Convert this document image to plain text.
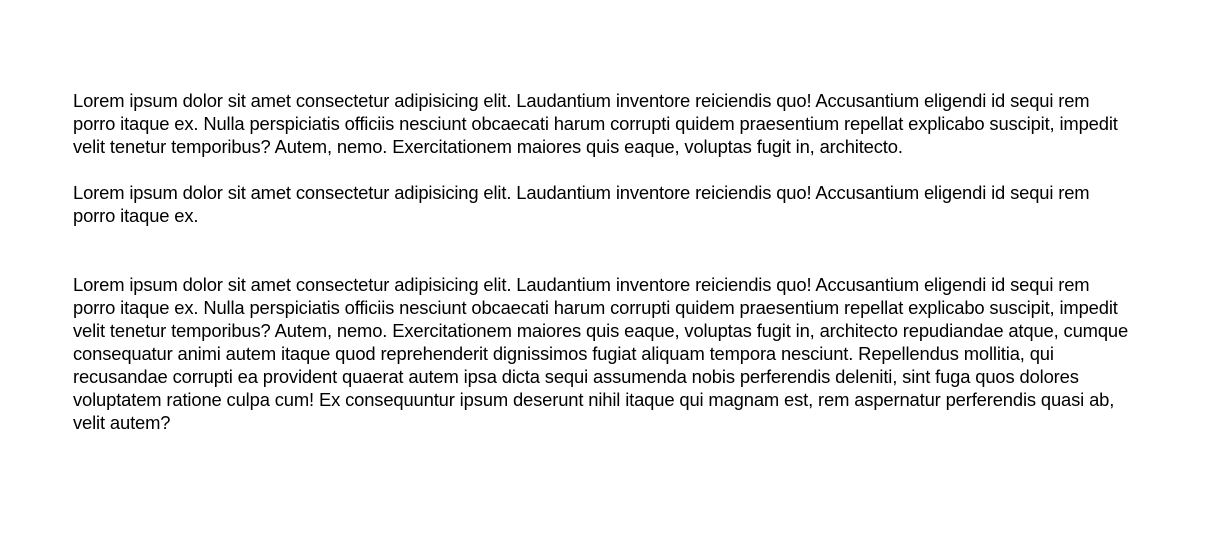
Lorem ipsum dolor sit amet consectetur adipisicing elit. Laudantium inventore reiciendis quo! Accusantium eligendi id sequi rem porro itaque ex. Nulla perspiciatis officiis nesciunt obcaecati harum corrupti quidem praesentium repellat explicabo suscipit, impedit velit tenetur temporibus? Autem, nemo. Exercitationem maiores quis eaque, voluptas fugit in, architecto.

Lorem ipsum dolor sit amet consectetur adipisicing elit. Laudantium inventore reiciendis quo! Accusantium eligendi id sequi rem porro itaque ex.

Lorem ipsum dolor sit amet consectetur adipisicing elit. Laudantium inventore reiciendis quo! Accusantium eligendi id sequi rem porro itaque ex. Nulla perspiciatis officiis nesciunt obcaecati harum corrupti quidem praesentium repellat explicabo suscipit, impedit velit tenetur temporibus? Autem, nemo. Exercitationem maiores quis eaque, voluptas fugit in, architecto repudiandae atque, cumque consequatur animi autem itaque quod reprehenderit dignissimos fugiat aliquam tempora nesciunt. Repellendus mollitia, qui recusandae corrupti ea provident quaerat autem ipsa dicta sequi assumenda nobis perferendis deleniti, sint fuga quos dolores voluptatem ratione culpa cum! Ex consequuntur ipsum deserunt nihil itaque qui magnam est, rem aspernatur perferendis quasi ab, velit autem?
